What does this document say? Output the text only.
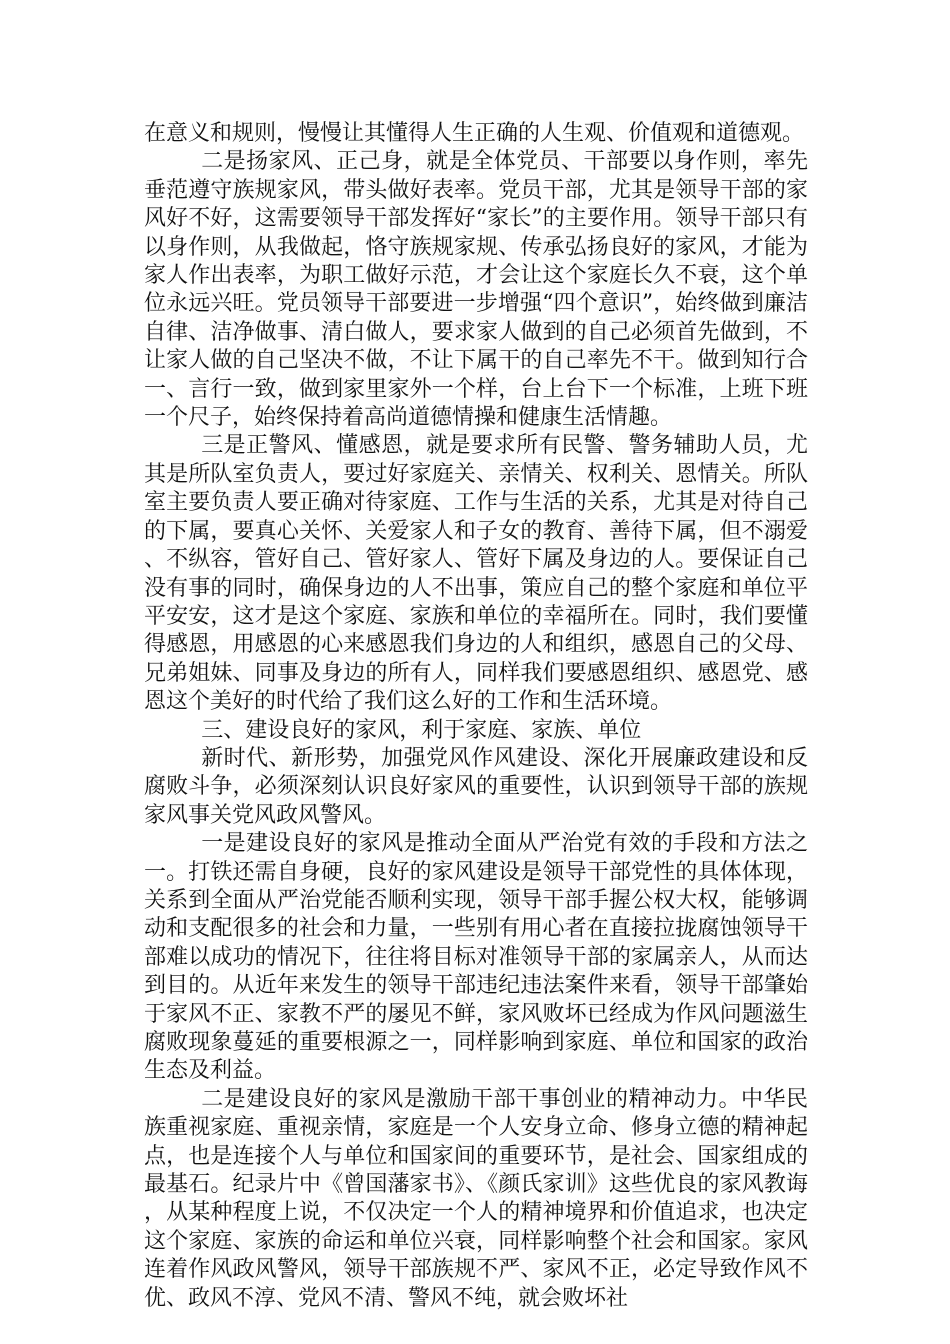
在意义和规则，慢慢让其懂得人生正确的人生观、价值观和道德观。

二是扬家风、正己身，就是全体党员、干部要以身作则，率先垂范遵守族规家风，带头做好表率。党员干部，尤其是领导干部的家风好不好，这需要领导干部发挥好“家长”的主要作用。领导干部只有以身作则，从我做起，恪守族规家规、传承弘扬良好的家风，才能为家人作出表率，为职工做好示范，才会让这个家庭长久不衰，这个单位永远兴旺。党员领导干部要进一步增强“四个意识”，始终做到廉洁自律、洁净做事、清白做人，要求家人做到的自己必须首先做到，不让家人做的自己坚决不做，不让下属干的自己率先不干。做到知行合一、言行一致，做到家里家外一个样，台上台下一个标准，上班下班一个尺子，始终保持着高尚道德情操和健康生活情趣。

三是正警风、懂感恩，就是要求所有民警、警务辅助人员，尤其是所队室负责人，要过好家庭关、亲情关、权利关、恩情关。所队室主要负责人要正确对待家庭、工作与生活的关系，尤其是对待自己的下属，要真心关怀、关爱家人和子女的教育、善待下属，但不溺爱、不纵容，管好自己、管好家人、管好下属及身边的人。要保证自己没有事的同时，确保身边的人不出事，策应自己的整个家庭和单位平平安安，这才是这个家庭、家族和单位的幸福所在。同时，我们要懂得感恩，用感恩的心来感恩我们身边的人和组织，感恩自己的父母、兄弟姐妹、同事及身边的所有人，同样我们要感恩组织、感恩党、感恩这个美好的时代给了我们这么好的工作和生活环境。

三、建设良好的家风，利于家庭、家族、单位

新时代、新形势，加强党风作风建设、深化开展廉政建设和反腐败斗争，必须深刻认识良好家风的重要性，认识到领导干部的族规家风事关党风政风警风。

一是建设良好的家风是推动全面从严治党有效的手段和方法之一。打铁还需自身硬，良好的家风建设是领导干部党性的具体体现，关系到全面从严治党能否顺利实现，领导干部手握公权大权，能够调动和支配很多的社会和力量，一些别有用心者在直接拉拢腐蚀领导干部难以成功的情况下，往往将目标对准领导干部的家属亲人，从而达到目的。从近年来发生的领导干部违纪违法案件来看，领导干部肇始于家风不正、家教不严的屡见不鲜，家风败坏已经成为作风问题滋生腐败现象蔓延的重要根源之一，同样影响到家庭、单位和国家的政治生态及利益。

二是建设良好的家风是激励干部干事创业的精神动力。中华民族重视家庭、重视亲情，家庭是一个人安身立命、修身立德的精神起点，也是连接个人与单位和国家间的重要环节，是社会、国家组成的最基石。纪录片中《曾国藩家书》、《颜氏家训》这些优良的家风教诲，从某种程度上说，不仅决定一个人的精神境界和价值追求，也决定这个家庭、家族的命运和单位兴衰，同样影响整个社会和国家。家风连着作风政风警风，领导干部族规不严、家风不正，必定导致作风不优、政风不淳、党风不清、警风不纯，就会败坏社
